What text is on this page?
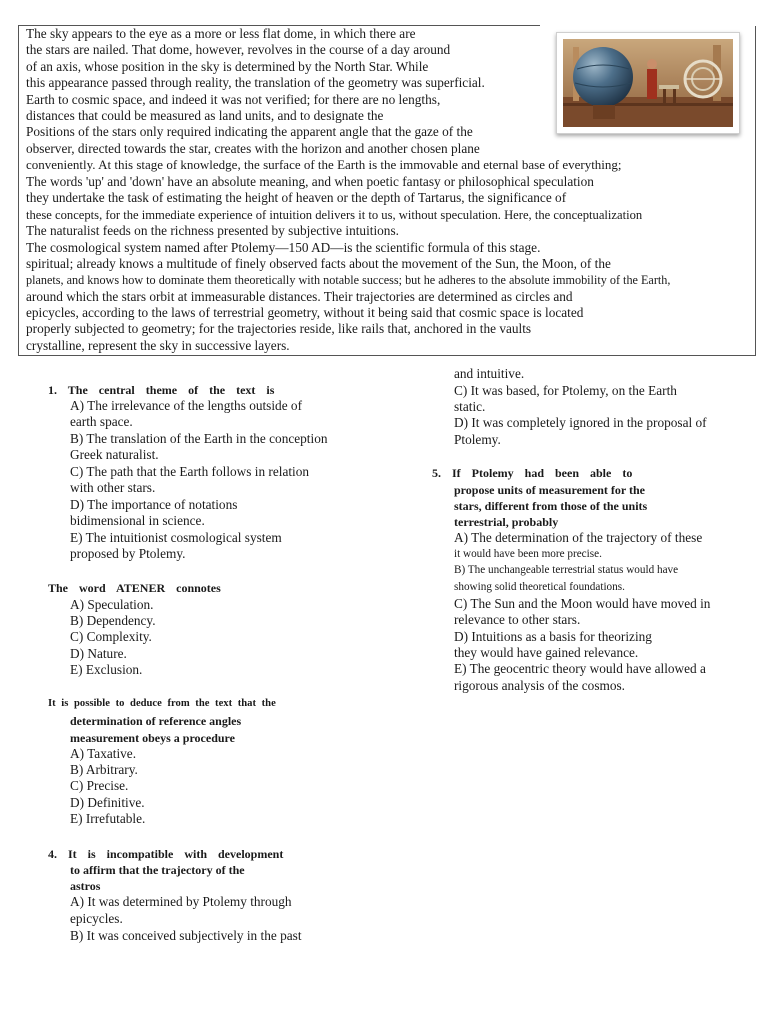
The sky appears to the eye as a more or less flat dome, in which there are
the stars are nailed. That dome, however, revolves in the course of a day around
of an axis, whose position in the sky is determined by the North Star. While
this appearance passed through reality, the translation of the geometry was superficial.
Earth to cosmic space, and indeed it was not verified; for there are no lengths,
distances that could be measured as land units, and to designate the
Positions of the stars only required indicating the apparent angle that the gaze of the
observer, directed towards the star, creates with the horizon and another chosen plane
conveniently. At this stage of knowledge, the surface of the Earth is the immovable and eternal base of everything;
The words 'up' and 'down' have an absolute meaning, and when poetic fantasy or philosophical speculation
they undertake the task of estimating the height of heaven or the depth of Tartarus, the significance of
these concepts, for the immediate experience of intuition delivers it to us, without speculation. Here, the conceptualization
The naturalist feeds on the richness presented by subjective intuitions.
The cosmological system named after Ptolemy—150 AD—is the scientific formula of this stage.
spiritual; already knows a multitude of finely observed facts about the movement of the Sun, the Moon, of the
planets, and knows how to dominate them theoretically with notable success; but he adheres to the absolute immobility of the Earth,
around which the stars orbit at immeasurable distances. Their trajectories are determined as circles and
epicycles, according to the laws of terrestrial geometry, without it being said that cosmic space is located
properly subjected to geometry; for the trajectories reside, like rails that, anchored in the vaults
crystalline, represent the sky in successive layers.
1. The central theme of the text is
A) The irrelevance of the lengths outside of
earth space.
B) The translation of the Earth in the conception
Greek naturalist.
C) The path that the Earth follows in relation
with other stars.
D) The importance of notations
bidimensional in science.
E) The intuitionist cosmological system
proposed by Ptolemy.
The word ATENER connotes
A) Speculation.
B) Dependency.
C) Complexity.
D) Nature.
E) Exclusion.
It is possible to deduce from the text that the
determination of reference angles
measurement obeys a procedure
A) Taxative.
B) Arbitrary.
C) Precise.
D) Definitive.
E) Irrefutable.
4. It is incompatible with development
to affirm that the trajectory of the
astros
A) It was determined by Ptolemy through
epicycles.
B) It was conceived subjectively in the past
and intuitive.
C) It was based, for Ptolemy, on the Earth
static.
D) It was completely ignored in the proposal of
Ptolemy.
5. If Ptolemy had been able to
propose units of measurement for the
stars, different from those of the units
terrestrial, probably
A) The determination of the trajectory of these
it would have been more precise.
B) The unchangeable terrestrial status would have
showing solid theoretical foundations.
C) The Sun and the Moon would have moved in
relevance to other stars.
D) Intuitions as a basis for theorizing
they would have gained relevance.
E) The geocentric theory would have allowed a
rigorous analysis of the cosmos.
